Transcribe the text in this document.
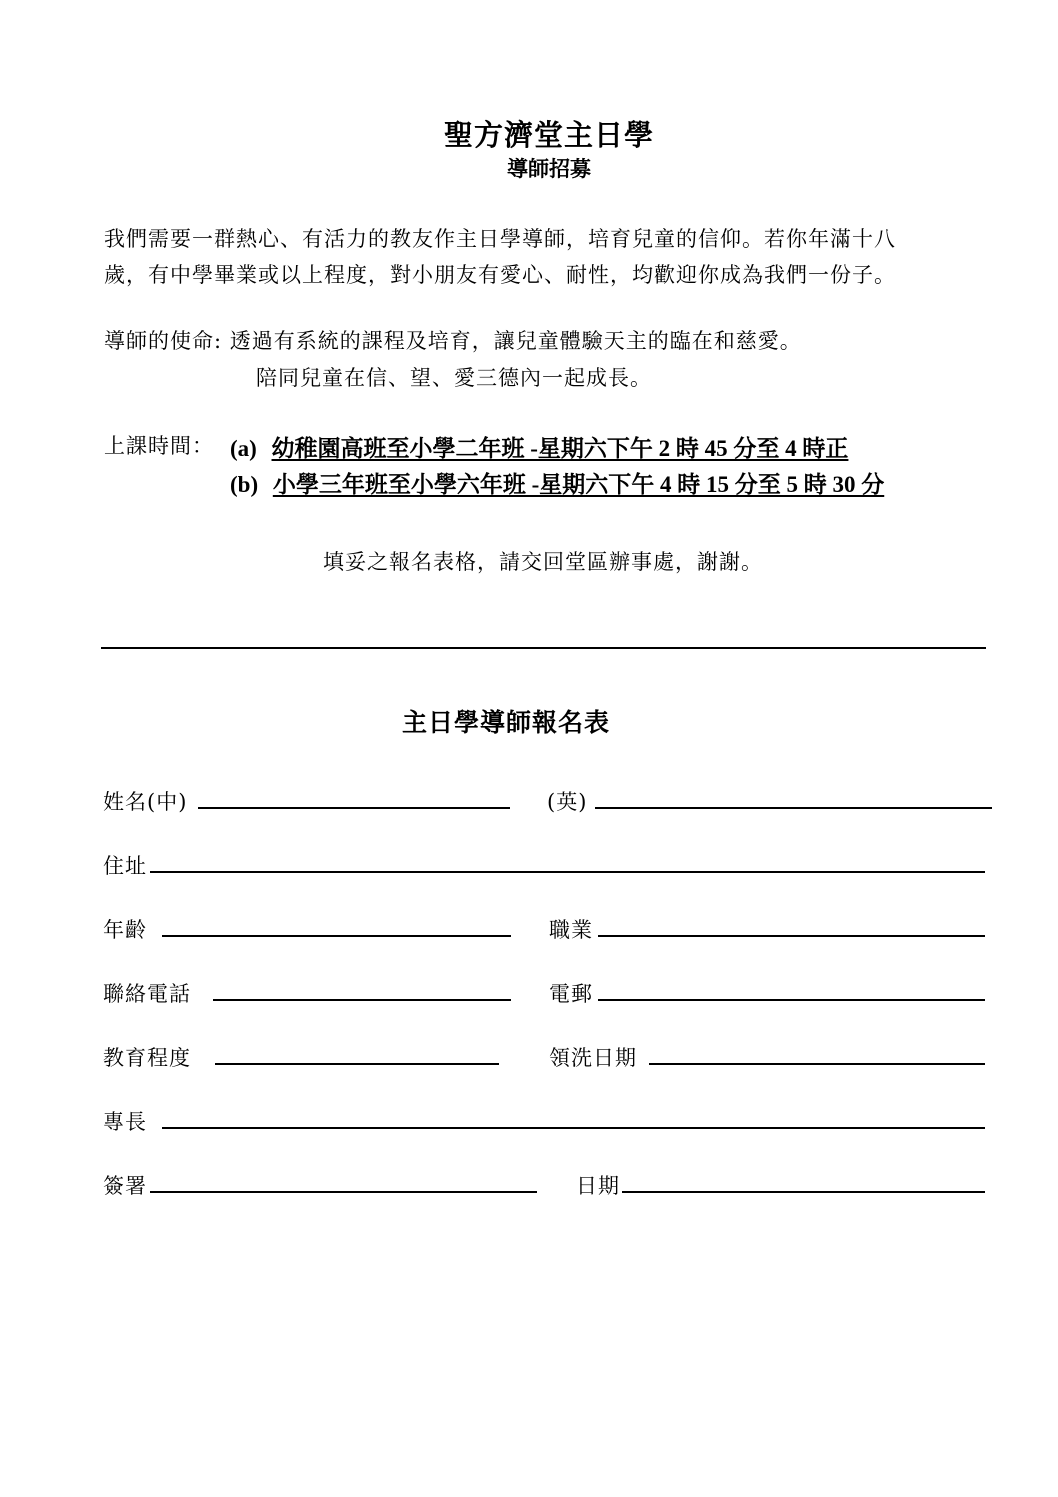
聖方濟堂主日學
導師招募
我們需要一群熱心、有活力的教友作主日學導師，培育兒童的信仰。若你年滿十八
歲，有中學畢業或以上程度，對小朋友有愛心、耐性，均歡迎你成為我們一份子。
導師的使命: 透過有系統的課程及培育，讓兒童體驗天主的臨在和慈愛。
陪同兒童在信、望、愛三德內一起成長。
上課時間： (a) 幼稚園高班至小學二年班 -星期六下午 2 時 45 分至 4 時正
(b) 小學三年班至小學六年班 -星期六下午 4 時 15 分至 5 時 30 分
填妥之報名表格，請交回堂區辦事處，謝謝。
主日學導師報名表
姓名(中)	(英)
住址
年齡	職業
聯絡電話	電郵
教育程度	領洗日期
專長
簽署	日期
